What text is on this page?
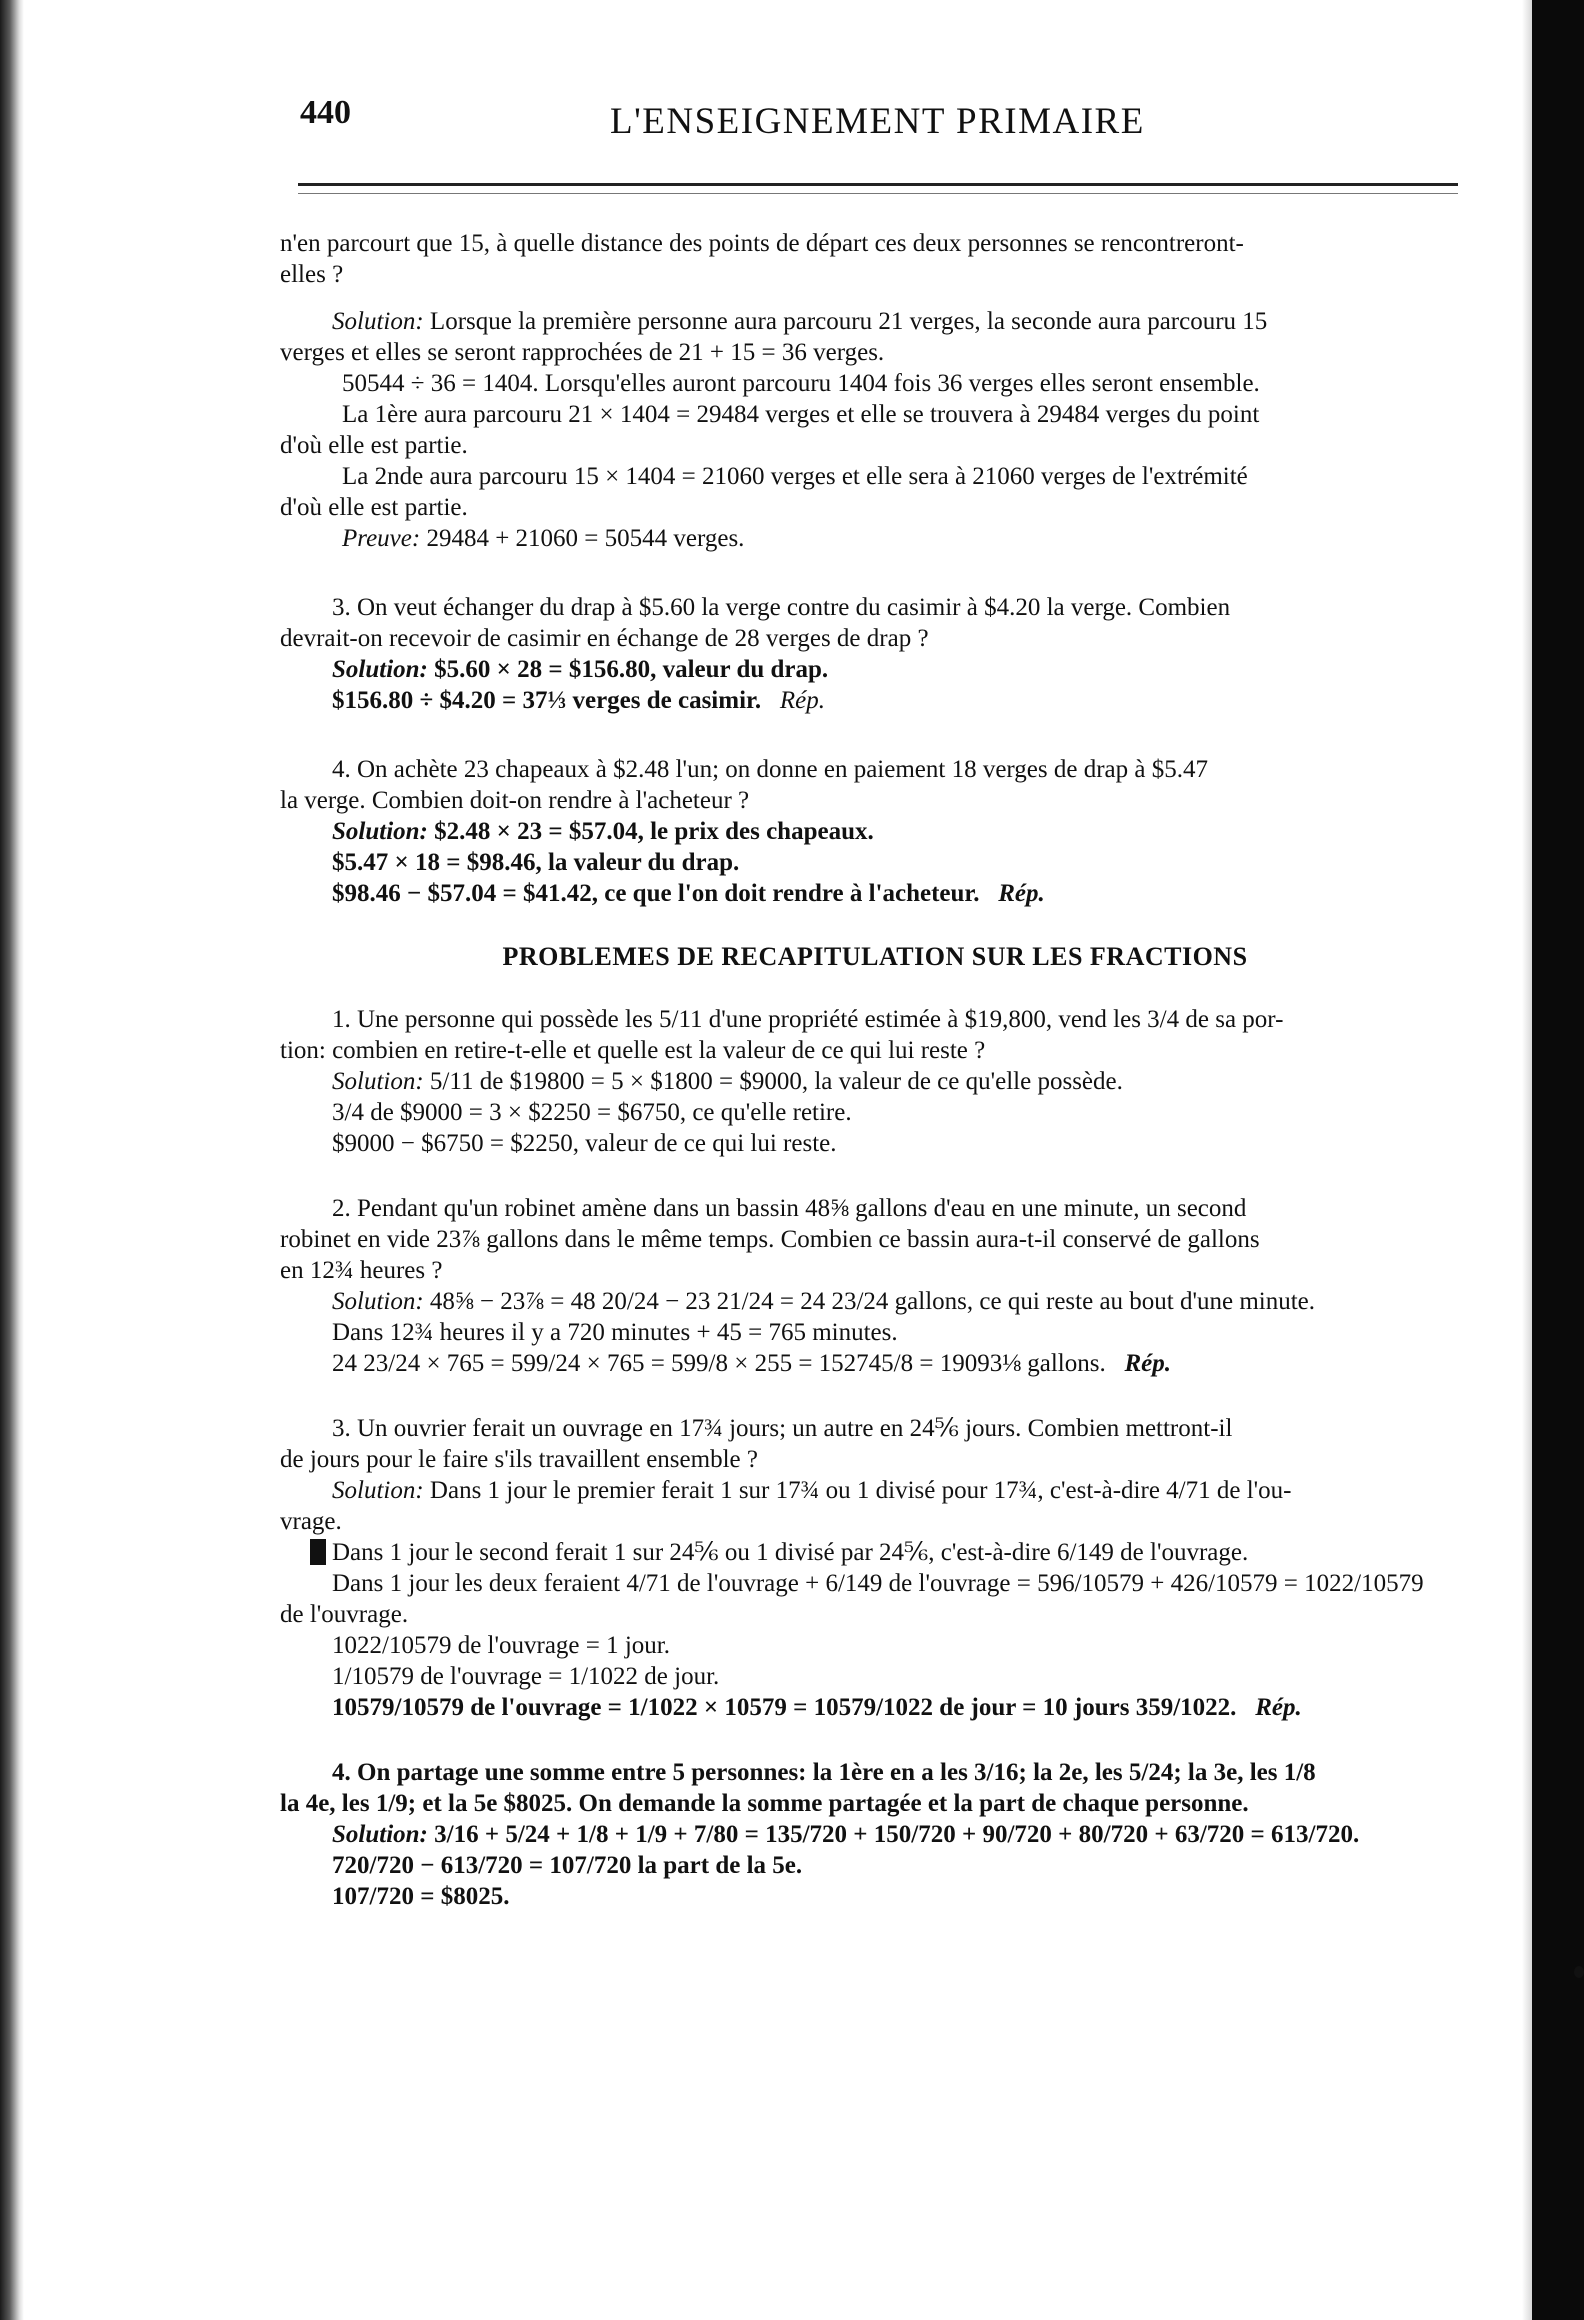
440	L'ENSEIGNEMENT PRIMAIRE

n'en parcourt que 15, à quelle distance des points de départ ces deux personnes se rencontreront-

elles ?

Solution: Lorsque la première personne aura parcouru 21 verges, la seconde aura parcouru 15

verges et elles se seront rapprochées de 21 + 15 = 36 verges.

50544 ÷ 36 = 1404. Lorsqu'elles auront parcouru 1404 fois 36 verges elles seront ensemble.

La 1ère aura parcouru 21 × 1404 = 29484 verges et elle se trouvera à 29484 verges du point

d'où elle est partie.

La 2nde aura parcouru 15 × 1404 = 21060 verges et elle sera à 21060 verges de l'extrémité

d'où elle est partie.

Preuve: 29484 + 21060 = 50544 verges.

3. On veut échanger du drap à $5.60 la verge contre du casimir à $4.20 la verge. Combien

devrait-on recevoir de casimir en échange de 28 verges de drap ?

Solution: $5.60 × 28 = $156.80, valeur du drap.

$156.80 ÷ $4.20 = 37⅓ verges de casimir. Rép.

4. On achète 23 chapeaux à $2.48 l'un; on donne en paiement 18 verges de drap à $5.47

la verge. Combien doit-on rendre à l'acheteur ?

Solution: $2.48 × 23 = $57.04, le prix des chapeaux.

$5.47 × 18 = $98.46, la valeur du drap.

$98.46 − $57.04 = $41.42, ce que l'on doit rendre à l'acheteur. Rép.

PROBLEMES DE RECAPITULATION SUR LES FRACTIONS

1. Une personne qui possède les 5/11 d'une propriété estimée à $19,800, vend les 3/4 de sa por-

tion: combien en retire-t-elle et quelle est la valeur de ce qui lui reste ?

Solution: 5/11 de $19800 = 5 × $1800 = $9000, la valeur de ce qu'elle possède.

3/4 de $9000 = 3 × $2250 = $6750, ce qu'elle retire.

$9000 − $6750 = $2250, valeur de ce qui lui reste.

2. Pendant qu'un robinet amène dans un bassin 48⅝ gallons d'eau en une minute, un second

robinet en vide 23⅞ gallons dans le même temps. Combien ce bassin aura-t-il conservé de gallons

en 12¾ heures ?

Solution: 48⅝ − 23⅞ = 48 20/24 − 23 21/24 = 24 23/24 gallons, ce qui reste au bout d'une minute.

Dans 12¾ heures il y a 720 minutes + 45 = 765 minutes.

24 23/24 × 765 = 599/24 × 765 = 599/8 × 255 = 152745/8 = 19093⅛ gallons. Rép.

3. Un ouvrier ferait un ouvrage en 17¾ jours; un autre en 24⅚ jours. Combien mettront-il

de jours pour le faire s'ils travaillent ensemble ?

Solution: Dans 1 jour le premier ferait 1 sur 17¾ ou 1 divisé pour 17¾, c'est-à-dire 4/71 de l'ou-

vrage.

Dans 1 jour le second ferait 1 sur 24⅚ ou 1 divisé par 24⅚, c'est-à-dire 6/149 de l'ouvrage.

Dans 1 jour les deux feraient 4/71 de l'ouvrage + 6/149 de l'ouvrage = 596/10579 + 426/10579 = 1022/10579

de l'ouvrage.

1022/10579 de l'ouvrage = 1 jour.

1/10579 de l'ouvrage = 1/1022 de jour.

10579/10579 de l'ouvrage = 1/1022 × 10579 = 10579/1022 de jour = 10 jours 359/1022. Rép.

4. On partage une somme entre 5 personnes: la 1ère en a les 3/16; la 2e, les 5/24; la 3e, les 1/8

la 4e, les 1/9; et la 5e $8025. On demande la somme partagée et la part de chaque personne.

Solution: 3/16 + 5/24 + 1/8 + 1/9 + 7/80 = 135/720 + 150/720 + 90/720 + 80/720 + 63/720 = 613/720.

720/720 − 613/720 = 107/720 la part de la 5e.

107/720 = $8025.
